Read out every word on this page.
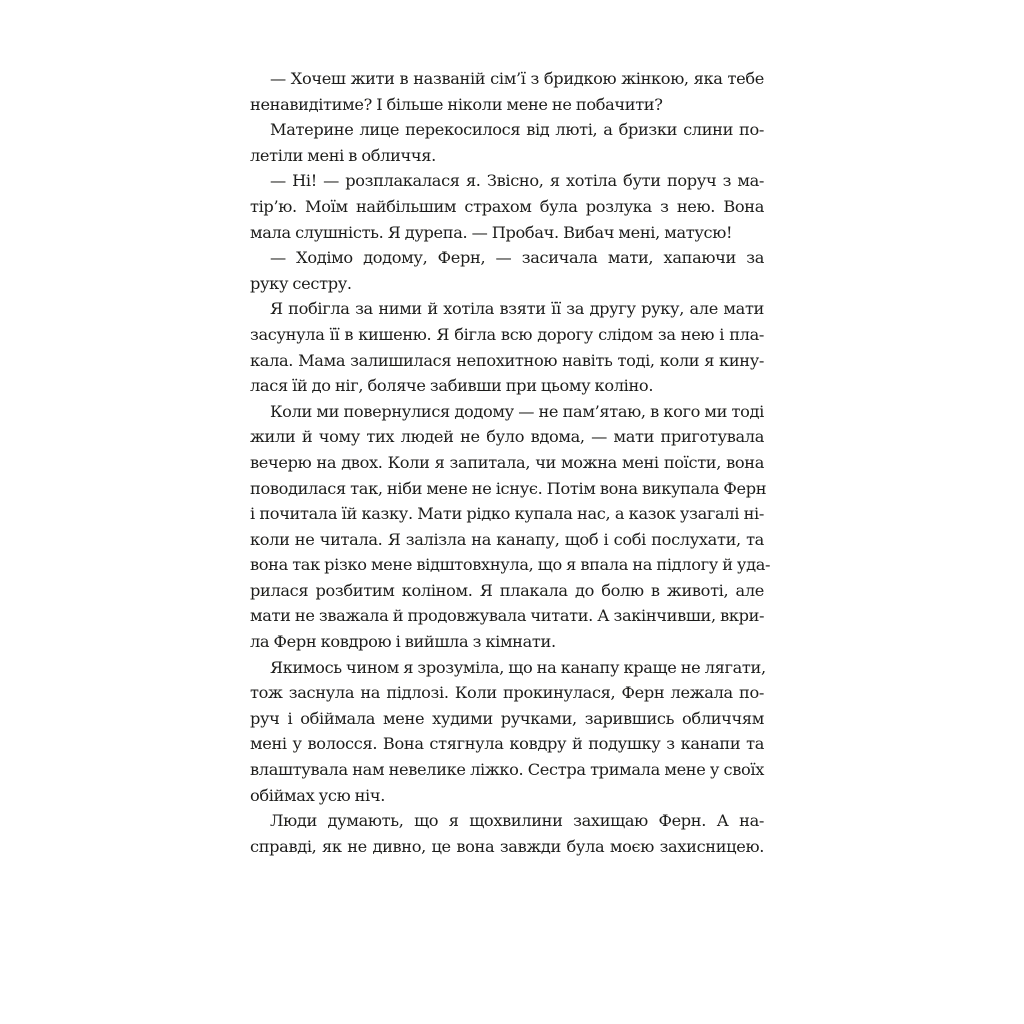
— Хочеш жити в названій сім’ї з бридкою жінкою, яка тебе
ненавидітиме? І більше ніколи мене не побачити?
Материне лице перекосилося від люті, а бризки слини по-
летіли мені в обличчя.
— Ні! — розплакалася я. Звісно, я хотіла бути поруч з ма-
тір’ю. Моїм найбільшим страхом була розлука з нею. Вона
мала слушність. Я дурепа. — Пробач. Вибач мені, матусю!
— Ходімо додому, Ферн, — засичала мати, хапаючи за
руку сестру.
Я побігла за ними й хотіла взяти її за другу руку, але мати
засунула її в кишеню. Я бігла всю дорогу слідом за нею і пла-
кала. Мама залишилася непохитною навіть тоді, коли я кину-
лася їй до ніг, боляче забивши при цьому коліно.
Коли ми повернулися додому — не пам’ятаю, в кого ми тоді
жили й чому тих людей не було вдома, — мати приготувала
вечерю на двох. Коли я запитала, чи можна мені поїсти, вона
поводилася так, ніби мене не існує. Потім вона викупала Ферн
і почитала їй казку. Мати рідко купала нас, а казок узагалі ні-
коли не читала. Я залізла на канапу, щоб і собі послухати, та
вона так різко мене відштовхнула, що я впала на підлогу й уда-
рилася розбитим коліном. Я плакала до болю в животі, але
мати не зважала й продовжувала читати. А закінчивши, вкри-
ла Ферн ковдрою і вийшла з кімнати.
Якимось чином я зрозуміла, що на канапу краще не лягати,
тож заснула на підлозі. Коли прокинулася, Ферн лежала по-
руч і обіймала мене худими ручками, зарившись обличчям
мені у волосся. Вона стягнула ковдру й подушку з канапи та
влаштувала нам невелике ліжко. Сестра тримала мене у своїх
обіймах усю ніч.
Люди думають, що я щохвилини захищаю Ферн. А на-
справді, як не дивно, це вона завжди була моєю захисницею.
